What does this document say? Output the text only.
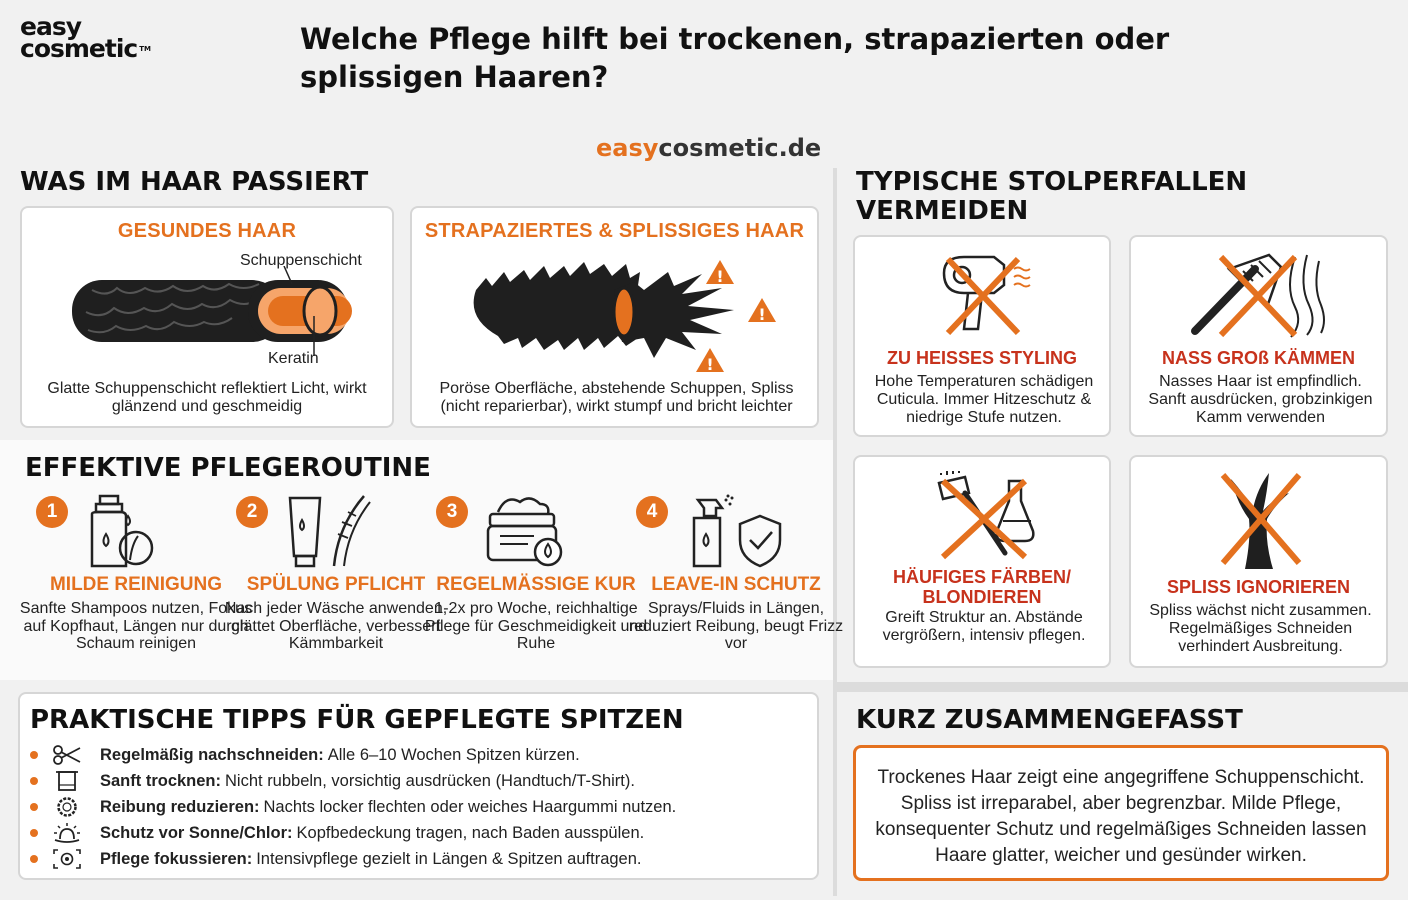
easy
cosmetic ™	Welche Pflege hilft bei trockenen, strapazierten oder splissigen Haaren?
easycosmetic.de
WAS IM HAAR PASSIERT
GESUNDES HAAR
Schuppenschicht
Keratin
Glatte Schuppenschicht reflektiert Licht, wirkt glänzend und geschmeidig
STRAPAZIERTES & SPLISSIGES HAAR
!
!
!
Poröse Oberfläche, abstehende Schuppen, Spliss (nicht reparierbar), wirkt stumpf und bricht leichter
EFFEKTIVE PFLEGEROUTINE
1
MILDE REINIGUNG
Sanfte Shampoos nutzen, Fokus auf Kopfhaut, Längen nur durch Schaum reinigen
2
SPÜLUNG PFLICHT
Nach jeder Wäsche anwenden, glättet Oberfläche, verbessert Kämmbarkeit
3
REGELMÄSSIGE KUR
1-2x pro Woche, reichhaltige Pflege für Geschmeidigkeit und Ruhe
4
LEAVE-IN SCHUTZ
Sprays/Fluids in Längen, reduziert Reibung, beugt Frizz vor
PRAKTISCHE TIPPS FÜR GEPFLEGTE SPITZEN
Regelmäßig nachschneiden: Alle 6–10 Wochen Spitzen kürzen.
Sanft trocknen: Nicht rubbeln, vorsichtig ausdrücken (Handtuch/T-Shirt).
Reibung reduzieren: Nachts locker flechten oder weiches Haargummi nutzen.
Schutz vor Sonne/Chlor: Kopfbedeckung tragen, nach Baden ausspülen.
Pflege fokussieren: Intensivpflege gezielt in Längen & Spitzen auftragen.
TYPISCHE STOLPERFALLEN VERMEIDEN
ZU HEISSES STYLING
Hohe Temperaturen schädigen Cuticula. Immer Hitzeschutz & niedrige Stufe nutzen.
NASS GROß KÄMMEN
Nasses Haar ist empfindlich. Sanft ausdrücken, grobzinkigen Kamm verwenden
HÄUFIGES FÄRBEN/ BLONDIEREN
Greift Struktur an. Abstände vergrößern, intensiv pflegen.
SPLISS IGNORIEREN
Spliss wächst nicht zusammen. Regelmäßiges Schneiden verhindert Ausbreitung.
KURZ ZUSAMMENGEFASST
Trockenes Haar zeigt eine angegriffene Schuppenschicht. Spliss ist irreparabel, aber begrenzbar. Milde Pflege, konsequenter Schutz und regelmäßiges Schneiden lassen Haare glatter, weicher und gesünder wirken.
